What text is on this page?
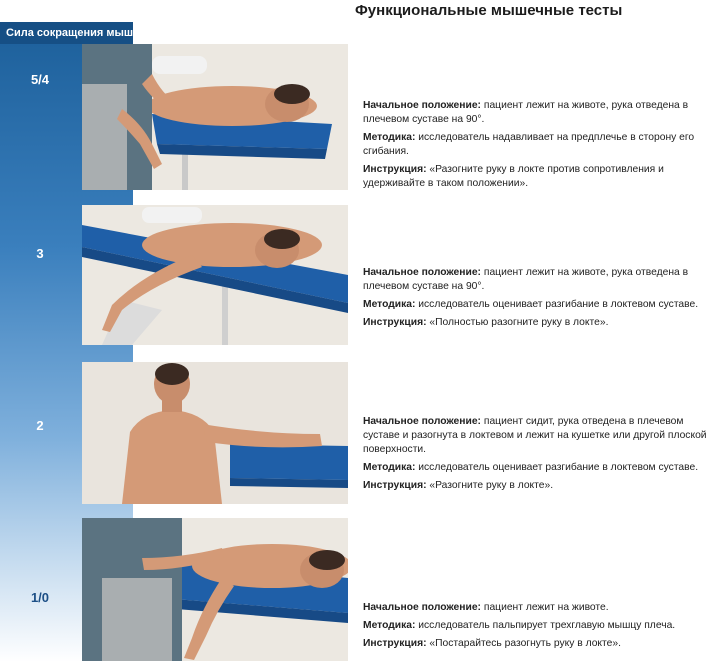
Сила сокращения мышц
5/4
3
2
1/0
Функциональные мышечные тесты

Начальное положение: пациент лежит на животе, рука отведена в плечевом суставе на 90°.

Методика: исследователь надавливает на предплечье в сторону его сгибания.

Инструкция: «Разогните руку в локте против сопротивления и удерживайте в таком положении».

Начальное положение: пациент лежит на животе, рука отведена в плечевом суставе на 90°.

Методика: исследователь оценивает разгибание в локтевом суставе.

Инструкция: «Полностью разогните руку в локте».

Начальное положение: пациент сидит, рука отведена в плечевом суставе и разогнута в локтевом и лежит на кушетке или другой плоской поверхности.

Методика: исследователь оценивает разгибание в локтевом суставе.

Инструкция: «Разогните руку в локте».

Начальное положение: пациент лежит на животе.

Методика: исследователь пальпирует трехглавую мышцу плеча.

Инструкция: «Постарайтесь разогнуть руку в локте».
